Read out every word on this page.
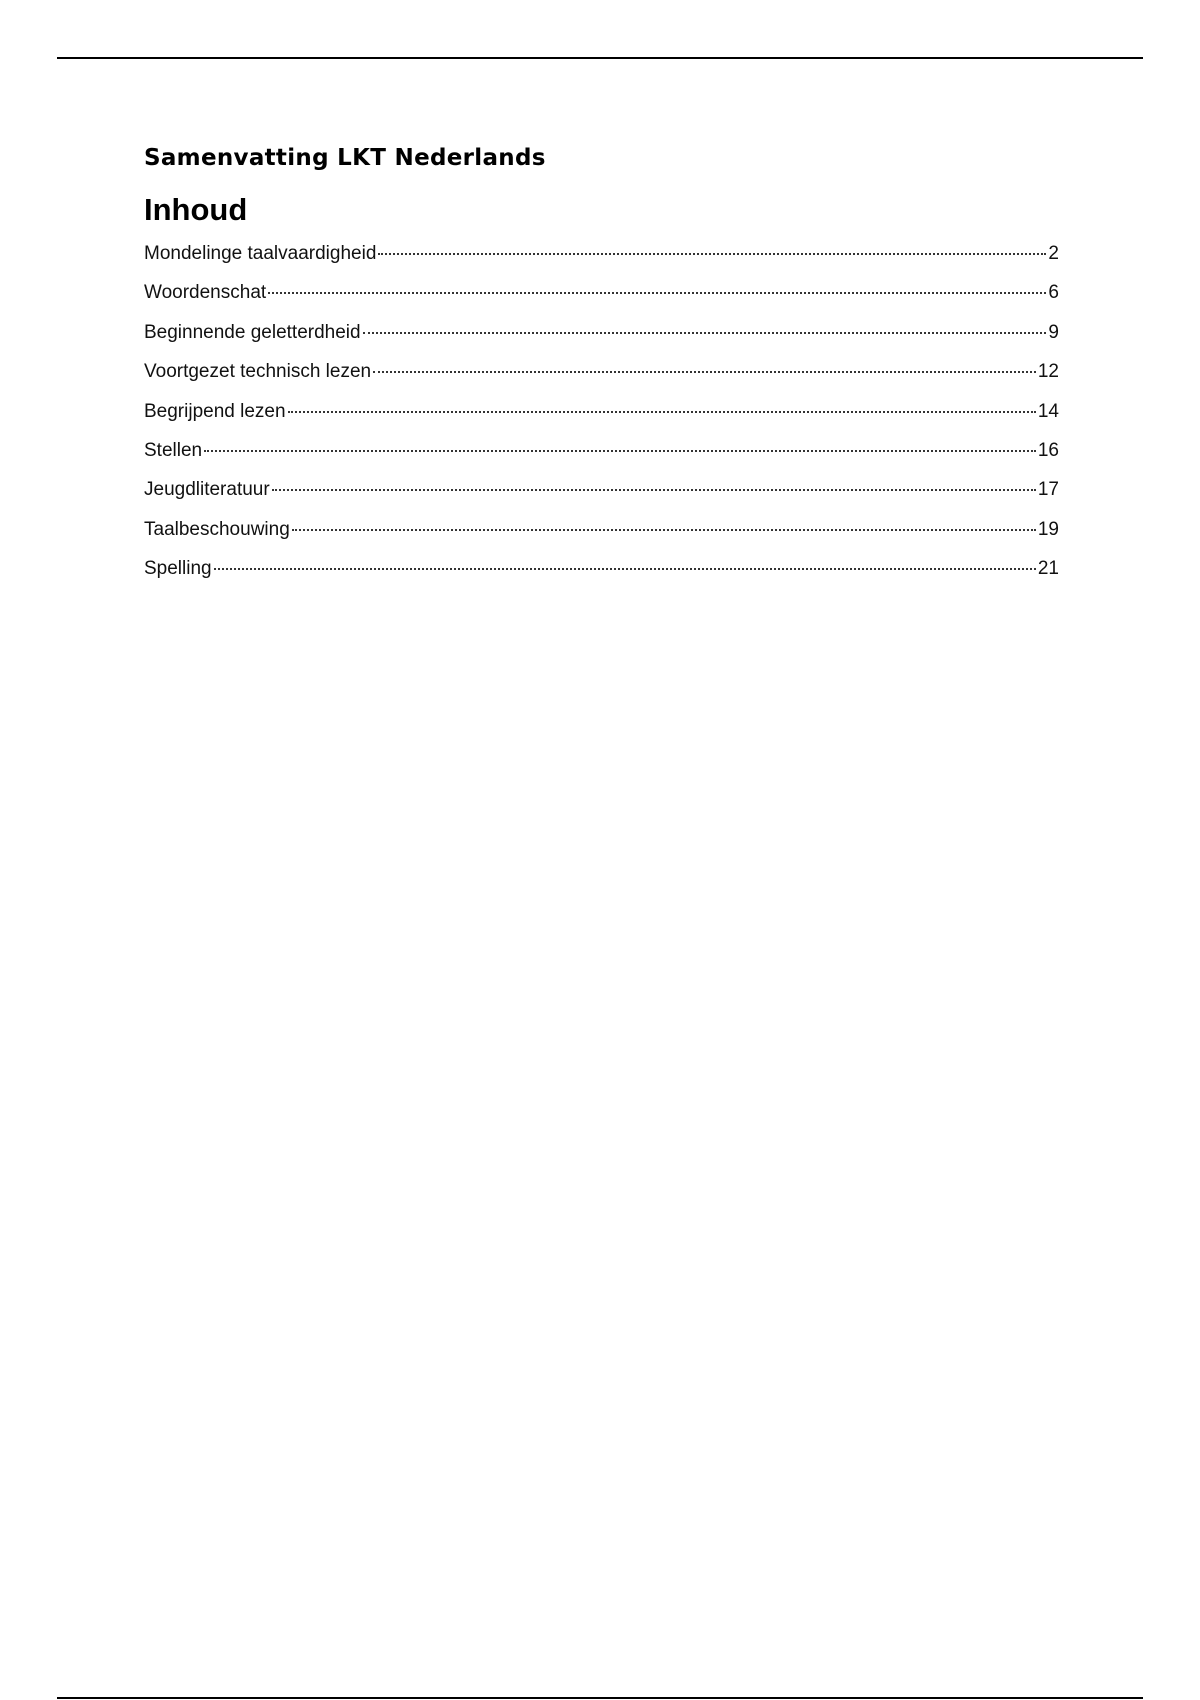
Samenvatting LKT Nederlands
Inhoud
Mondelinge taalvaardigheid	2
Woordenschat	6
Beginnende geletterdheid	9
Voortgezet technisch lezen	12
Begrijpend lezen	14
Stellen	16
Jeugdliteratuur	17
Taalbeschouwing	19
Spelling	21
